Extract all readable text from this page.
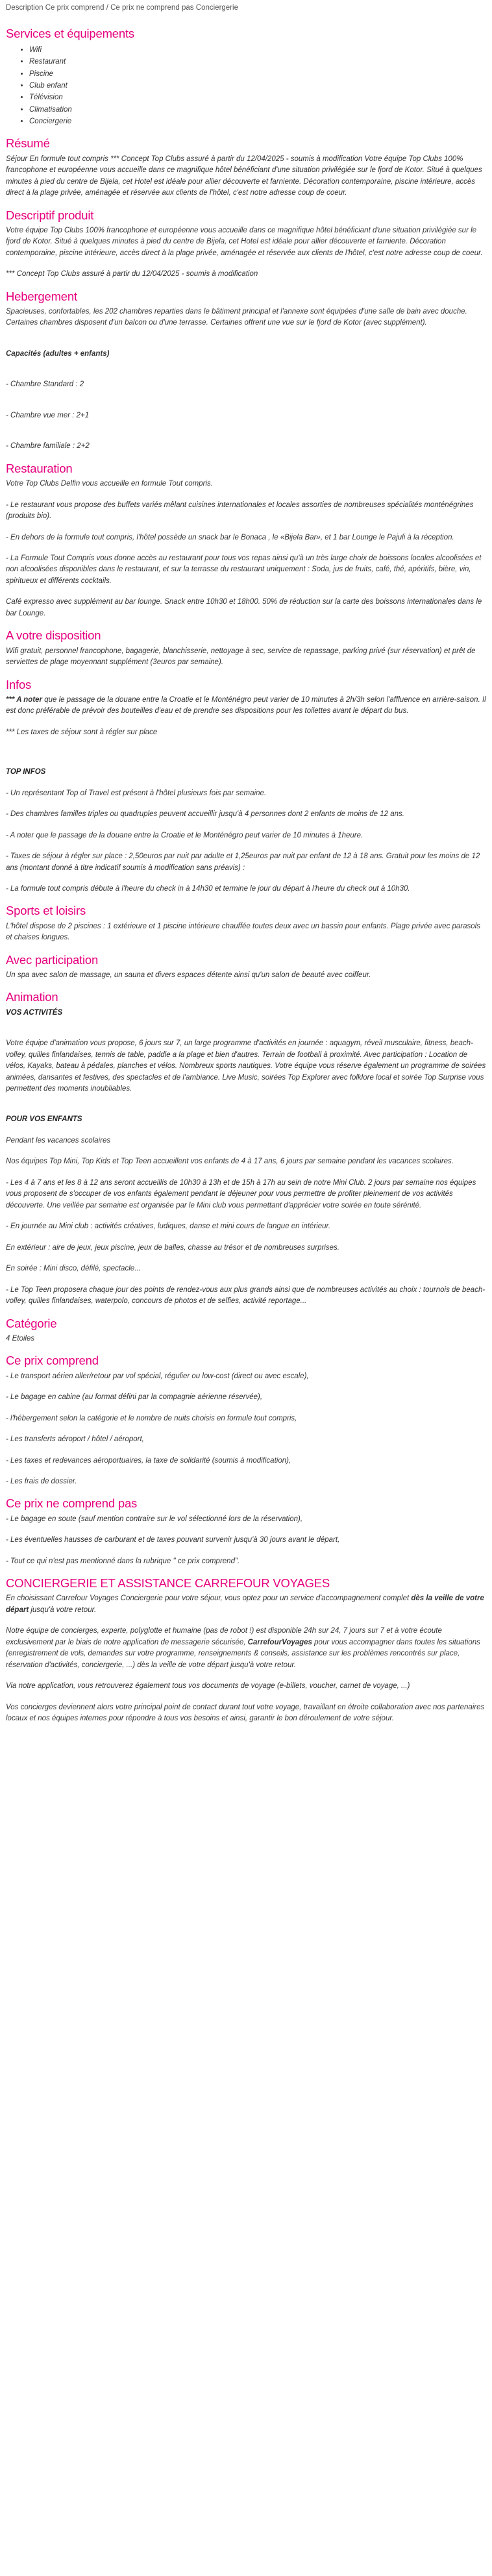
Description Ce prix comprend / Ce prix ne comprend pas Conciergerie
Services et équipements
• Wifi
• Restaurant
• Piscine
• Club enfant
• Télévision
• Climatisation
• Conciergerie
Résumé

Séjour En formule tout compris *** Concept Top Clubs assuré à partir du 12/04/2025 - soumis à modification Votre équipe Top Clubs 100% francophone et européenne vous accueille dans ce magnifique hôtel bénéficiant d'une situation privilégiée sur le fjord de Kotor. Situé à quelques minutes à pied du centre de Bijela, cet Hotel est idéale pour allier découverte et farniente. Décoration contemporaine, piscine intérieure, accès direct à la plage privée, aménagée et réservée aux clients de l'hôtel, c'est notre adresse coup de coeur.

Descriptif produit

Votre équipe Top Clubs 100% francophone et européenne vous accueille dans ce magnifique hôtel bénéficiant d'une situation privilégiée sur le fjord de Kotor. Situé à quelques minutes à pied du centre de Bijela, cet Hotel est idéale pour allier découverte et farniente. Décoration contemporaine, piscine intérieure, accès direct à la plage privée, aménagée et réservée aux clients de l'hôtel, c'est notre adresse coup de coeur.

*** Concept Top Clubs assuré à partir du 12/04/2025 - soumis à modification

Hebergement

Spacieuses, confortables, les 202 chambres reparties dans le bâtiment principal et l'annexe sont équipées d'une salle de bain avec douche. Certaines chambres disposent d'un balcon ou d'une terrasse. Certaines offrent une vue sur le fjord de Kotor (avec supplément).

Capacités (adultes + enfants)

- Chambre Standard : 2

- Chambre vue mer : 2+1

- Chambre familiale : 2+2

Restauration

Votre Top Clubs Delfin vous accueille en formule Tout compris.

- Le restaurant vous propose des buffets variés mêlant cuisines internationales et locales assorties de nombreuses spécialités monténégrines (produits bio).

- En dehors de la formule tout compris, l'hôtel possède un snack bar le Bonaca , le «Bijela Bar», et 1 bar Lounge le Pajuli à la réception.

- La Formule Tout Compris vous donne accès au restaurant pour tous vos repas ainsi qu'à un très large choix de boissons locales alcoolisées et non alcoolisées disponibles dans le restaurant, et sur la terrasse du restaurant uniquement : Soda, jus de fruits, café, thé, apéritifs, bière, vin, spiritueux et différents cocktails.

Café expresso avec supplément au bar lounge. Snack entre 10h30 et 18h00. 50% de réduction sur la carte des boissons internationales dans le bar Lounge.

A votre disposition

Wifi gratuit, personnel francophone, bagagerie, blanchisserie, nettoyage à sec, service de repassage, parking privé (sur réservation) et prêt de serviettes de plage moyennant supplément (3euros par semaine).

Infos

*** A noter que le passage de la douane entre la Croatie et le Monténégro peut varier de 10 minutes à 2h/3h selon l'affluence en arrière-saison. Il est donc préférable de prévoir des bouteilles d'eau et de prendre ses dispositions pour les toilettes avant le départ du bus.

*** Les taxes de séjour sont à régler sur place

TOP INFOS

- Un représentant Top of Travel est présent à l'hôtel plusieurs fois par semaine.

- Des chambres familles triples ou quadruples peuvent accueillir jusqu'à 4 personnes dont 2 enfants de moins de 12 ans.

- A noter que le passage de la douane entre la Croatie et le Monténégro peut varier de 10 minutes à 1heure.

- Taxes de séjour à régler sur place : 2,50euros par nuit par adulte et 1,25euros par nuit par enfant de 12 à 18 ans. Gratuit pour les moins de 12 ans (montant donné à titre indicatif soumis à modification sans préavis) :

- La formule tout compris débute à l'heure du check in à 14h30 et termine le jour du départ à l'heure du check out à 10h30.

Sports et loisirs

L'hôtel dispose de 2 piscines : 1 extérieure et 1 piscine intérieure chauffée toutes deux avec un bassin pour enfants. Plage privée avec parasols et chaises longues.

Avec participation

Un spa avec salon de massage, un sauna et divers espaces détente ainsi qu'un salon de beauté avec coiffeur.

Animation
VOS ACTIVITÉS

Votre équipe d'animation vous propose, 6 jours sur 7, un large programme d'activités en journée : aquagym, réveil musculaire, fitness, beach-volley, quilles finlandaises, tennis de table, paddle a la plage et bien d'autres. Terrain de football à proximité. Avec participation : Location de vélos, Kayaks, bateau à pédales, planches et vélos. Nombreux sports nautiques. Votre équipe vous réserve également un programme de soirées animées, dansantes et festives, des spectacles et de l'ambiance. Live Music, soirées Top Explorer avec folklore local et soirée Top Surprise vous permettent des moments inoubliables.

POUR VOS ENFANTS

Pendant les vacances scolaires

Nos équipes Top Mini, Top Kids et Top Teen accueillent vos enfants de 4 à 17 ans, 6 jours par semaine pendant les vacances scolaires.

- Les 4 à 7 ans et les 8 à 12 ans seront accueillis de 10h30 à 13h et de 15h à 17h au sein de notre Mini Club. 2 jours par semaine nos équipes vous proposent de s'occuper de vos enfants également pendant le déjeuner pour vous permettre de profiter pleinement de vos activités découverte. Une veillée par semaine est organisée par le Mini club vous permettant d'apprécier votre soirée en toute sérénité.

- En journée au Mini club : activités créatives, ludiques, danse et mini cours de langue en intérieur.

En extérieur : aire de jeux, jeux piscine, jeux de balles, chasse au trésor et de nombreuses surprises.

En soirée : Mini disco, défilé, spectacle...

- Le Top Teen proposera chaque jour des points de rendez-vous aux plus grands ainsi que de nombreuses activités au choix : tournois de beach-volley, quilles finlandaises, waterpolo, concours de photos et de selfies, activité reportage...

Catégorie

4 Etoiles

Ce prix comprend

- Le transport aérien aller/retour par vol spécial, régulier ou low-cost (direct ou avec escale),

- Le bagage en cabine (au format défini par la compagnie aérienne réservée),

- l'hébergement selon la catégorie et le nombre de nuits choisis en formule tout compris,

- Les transferts aéroport / hôtel / aéroport,

- Les taxes et redevances aéroportuaires, la taxe de solidarité (soumis à modification),

- Les frais de dossier.

Ce prix ne comprend pas

- Le bagage en soute (sauf mention contraire sur le vol sélectionné lors de la réservation),

- Les éventuelles hausses de carburant et de taxes pouvant survenir jusqu'à 30 jours avant le départ,

- Tout ce qui n'est pas mentionné dans la rubrique " ce prix comprend".

CONCIERGERIE ET ASSISTANCE CARREFOUR VOYAGES

En choisissant Carrefour Voyages Conciergerie pour votre séjour, vous optez pour un service d'accompagnement complet dès la veille de votre départ jusqu'à votre retour.

Notre équipe de concierges, experte, polyglotte et humaine (pas de robot !) est disponible 24h sur 24, 7 jours sur 7 et à votre écoute exclusivement par le biais de notre application de messagerie sécurisée, CarrefourVoyages pour vous accompagner dans toutes les situations (enregistrement de vols, demandes sur votre programme, renseignements & conseils, assistance sur les problèmes rencontrés sur place, réservation d'activités, conciergerie, ...) dès la veille de votre départ jusqu'à votre retour.

Via notre application, vous retrouverez également tous vos documents de voyage (e-billets, voucher, carnet de voyage, ...)

Vos concierges deviennent alors votre principal point de contact durant tout votre voyage, travaillant en étroite collaboration avec nos partenaires locaux et nos équipes internes pour répondre à tous vos besoins et ainsi, garantir le bon déroulement de votre séjour.
